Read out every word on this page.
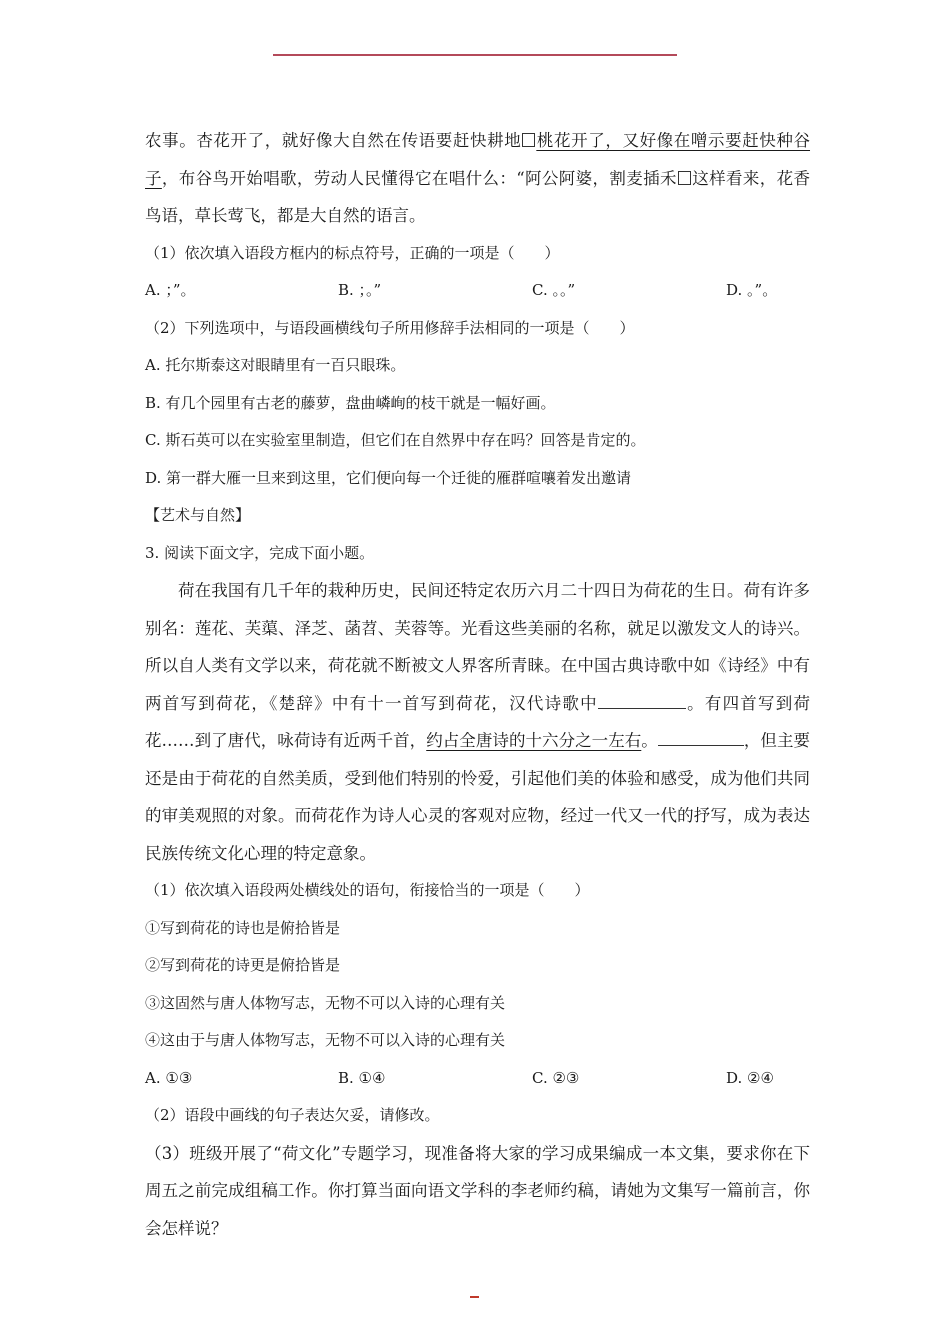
农事。杏花开了，就好像大自然在传语要赶快耕地 桃花开了，又好像在噌示要赶快种谷子，布谷鸟开始唱歌，劳动人民懂得它在唱什么：“阿公阿婆，割麦插禾 这样看来，花香鸟语，草长莺飞，都是大自然的语言。

（1）依次填入语段方框内的标点符号，正确的一项是（　　）

A. ；”。	B. ；。”	C. 。。”	D. 。”。

（2）下列选项中，与语段画横线句子所用修辞手法相同的一项是（　　）

A. 托尔斯泰这对眼睛里有一百只眼珠。

B. 有几个园里有古老的藤萝，盘曲嶙峋的枝干就是一幅好画。

C. 斯石英可以在实验室里制造，但它们在自然界中存在吗？回答是肯定的。

D. 第一群大雁一旦来到这里，它们便向每一个迁徙的雁群喧嚷着发出邀请

【艺术与自然】

3. 阅读下面文字，完成下面小题。

荷在我国有几千年的栽种历史，民间还特定农历六月二十四日为荷花的生日。荷有许多别名：莲花、芙蕖、泽芝、菡苕、芙蓉等。光看这些美丽的名称，就足以激发文人的诗兴。所以自人类有文学以来，荷花就不断被文人界客所青睐。在中国古典诗歌中如《诗经》中有两首写到荷花，《楚辞》中有十一首写到荷花，汉代诗歌中	。有四首写到荷花……到了唐代，咏荷诗有近两千首，约占全唐诗的十六分之一左右。	，但主要还是由于荷花的自然美质，受到他们特别的怜爱，引起他们美的体验和感受，成为他们共同的审美观照的对象。而荷花作为诗人心灵的客观对应物，经过一代又一代的抒写，成为表达民族传统文化心理的特定意象。

（1）依次填入语段两处横线处的语句，衔接恰当的一项是（　　）

①写到荷花的诗也是俯拾皆是

②写到荷花的诗更是俯拾皆是

③这固然与唐人体物写志，无物不可以入诗的心理有关

④这由于与唐人体物写志，无物不可以入诗的心理有关

A. ①③	B. ①④	C. ②③	D. ②④

（2）语段中画线的句子表达欠妥，请修改。

（3）班级开展了“荷文化”专题学习，现准备将大家的学习成果编成一本文集，要求你在下周五之前完成组稿工作。你打算当面向语文学科的李老师约稿，请她为文集写一篇前言，你会怎样说？
